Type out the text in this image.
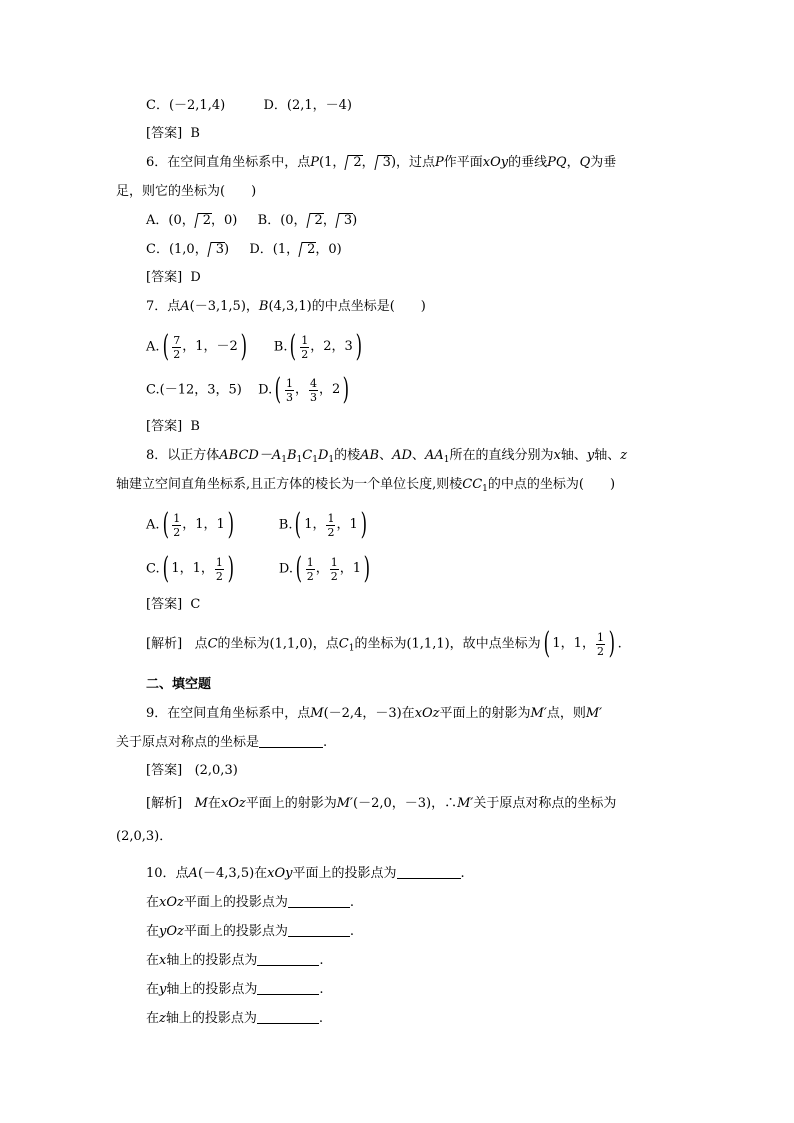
C．(－2,1,4)	D．(2,1，－4)
[答案] B
6．在空间直角坐标系中，点P(1， 2， 3)，过点P作平面xOy的垂线PQ，Q为垂
足，则它的坐标为(　　)
A．(0， 2，0) B．(0， 2， 3)
C．(1,0， 3) D．(1， 2，0)
[答案] D
7．点A(－3,1,5)，B(4,3,1)的中点坐标是(　　)
A. ( $\frac{7}{2}$ ，1，－2 ) B. ( $\frac{1}{2}$ ，2，3 )
C.(－12，3，5) D. ( $\frac{1}{3}$ ， $\frac{4}{3}$ ，2 )
[答案] B
8．以正方体$ABCD-A_1B_1C_1D_1$的棱AB、AD、$AA_1$所在的直线分别为x轴、y轴、z
轴建立空间直角坐标系,且正方体的棱长为一个单位长度,则棱$CC_1$的中点的坐标为(　　)
A. ( $\frac{1}{2}$ ，1，1 )	B. ( 1， $\frac{1}{2}$ ，1 )
C. ( 1，1， $\frac{1}{2}$ )	D. ( $\frac{1}{2}$ ， $\frac{1}{2}$ ，1 )
[答案] C
[解析] 点C的坐标为(1,1,0)，点$C_1$的坐标为(1,1,1)，故中点坐标为 ( 1，1， $\frac{1}{2}$ ) .
二、填空题
9．在空间直角坐标系中，点M(－2,4，－3)在xOz平面上的射影为M′点，则M′
关于原点对称点的坐标是	.
[答案] (2,0,3)
[解析] M在xOz平面上的射影为M′(－2,0，－3)，∴M′关于原点对称点的坐标为
(2,0,3)．
10．点A(－4,3,5)在xOy平面上的投影点为	.
在xOz平面上的投影点为	.
在yOz平面上的投影点为	.
在x轴上的投影点为	.
在y轴上的投影点为	.
在z轴上的投影点为	.
